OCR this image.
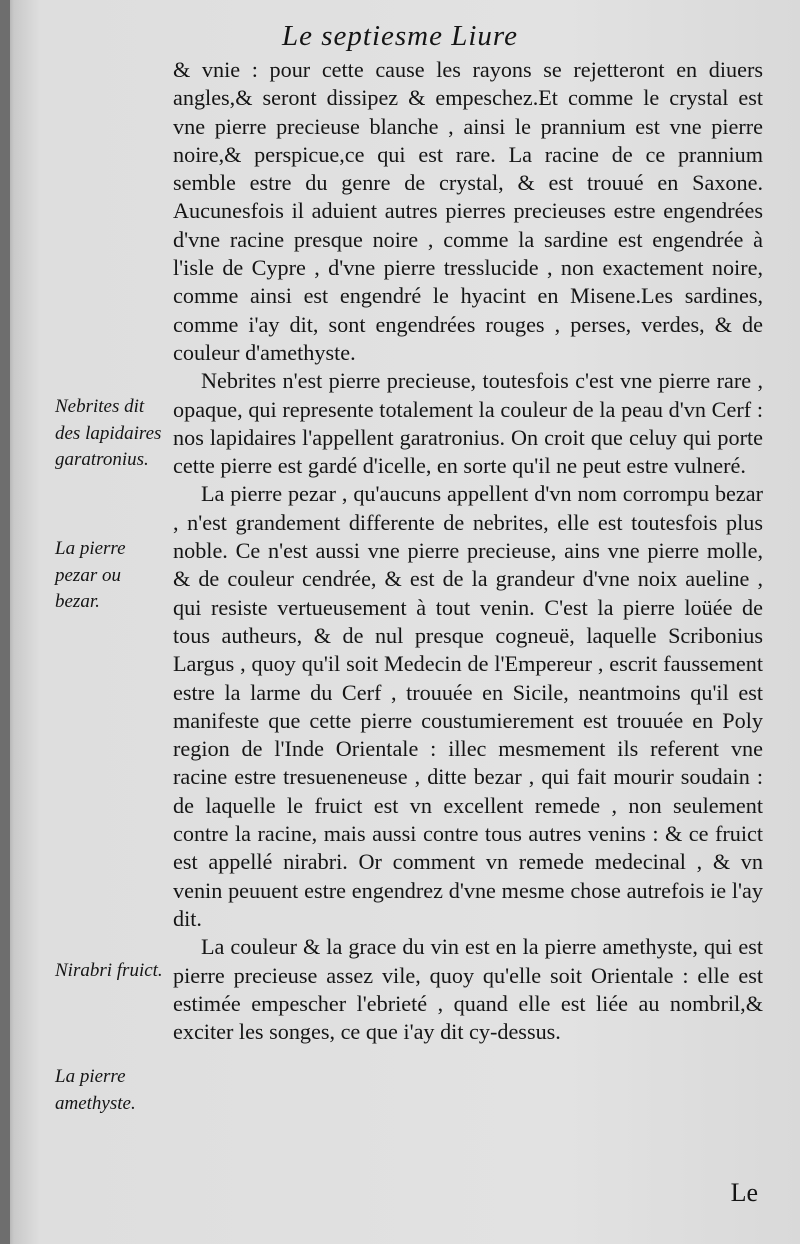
Le septiesme Liure

& vnie : pour cette cause les rayons se rejetteront en diuers angles,& seront dissipez & empeschez.Et comme le crystal est vne pierre precieuse blanche , ainsi le prannium est vne pierre noire,& perspicue,ce qui est rare. La racine de ce prannium semble estre du genre de crystal, & est trouué en Saxone. Aucunesfois il aduient autres pierres precieuses estre engendrées d'vne racine presque noire , comme la sardine est engendrée à l'isle de Cypre , d'vne pierre tresslucide , non exactement noire, comme ainsi est engendré le hyacint en Misene.Les sardines, comme i'ay dit, sont engendrées rouges , perses, verdes, & de couleur d'amethyste.

Nebrites n'est pierre precieuse, toutesfois c'est vne pierre rare , opaque, qui represente totalement la couleur de la peau d'vn Cerf : nos lapidaires l'appellent garatronius. On croit que celuy qui porte cette pierre est gardé d'icelle, en sorte qu'il ne peut estre vulneré.

La pierre pezar , qu'aucuns appellent d'vn nom corrompu bezar , n'est grandement differente de nebrites, elle est toutesfois plus noble. Ce n'est aussi vne pierre precieuse, ains vne pierre molle, & de couleur cendrée, & est de la grandeur d'vne noix aueline , qui resiste vertueusement à tout venin. C'est la pierre loüée de tous autheurs, & de nul presque cogneuë, laquelle Scribonius Largus , quoy qu'il soit Medecin de l'Empereur , escrit faussement estre la larme du Cerf , trouuée en Sicile, neantmoins qu'il est manifeste que cette pierre coustumierement est trouuée en Poly region de l'Inde Orientale : illec mesmement ils referent vne racine estre tresueneneuse , ditte bezar , qui fait mourir soudain : de laquelle le fruict est vn excellent remede , non seulement contre la racine, mais aussi contre tous autres venins : & ce fruict est appellé nirabri. Or comment vn remede medecinal , & vn venin peuuent estre engendrez d'vne mesme chose autrefois ie l'ay dit.

La couleur & la grace du vin est en la pierre amethyste, qui est pierre precieuse assez vile, quoy qu'elle soit Orientale : elle est estimée empescher l'ebrieté , quand elle est liée au nombril,& exciter les songes, ce que i'ay dit cy-dessus.

Nebrites dit des lapidaires garatronius.
La pierre pezar ou bezar.
Nirabri fruict.
La pierre amethyste.
Le
